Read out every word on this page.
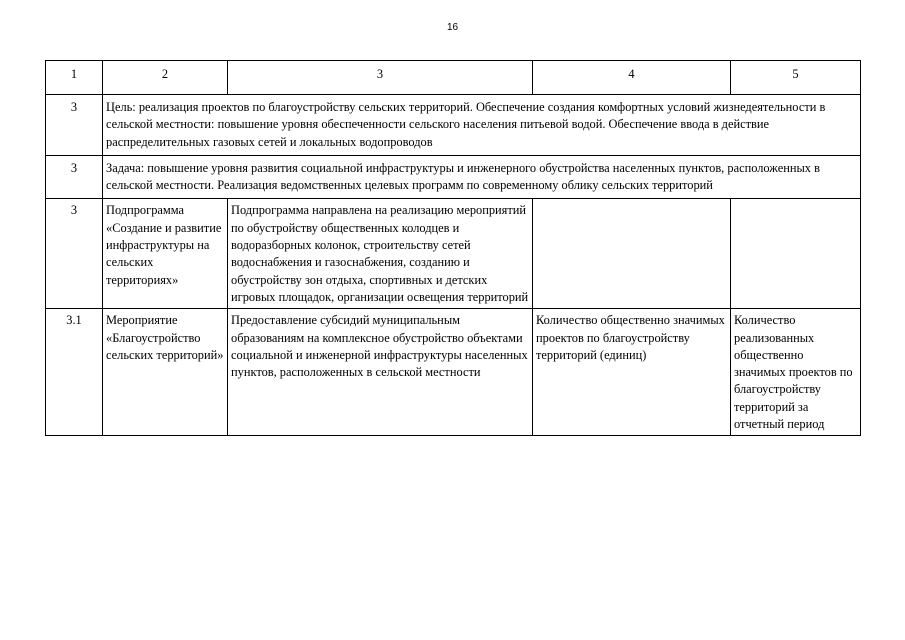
16
1	2	3	4	5
3	Цель: реализация проектов по благоустройству сельских территорий. Обеспечение создания комфортных условий жизнедеятельности в сельской местности: повышение уровня обеспеченности сельского населения питьевой водой. Обеспечение ввода в действие распределительных газовых сетей и локальных водопроводов			
3	Задача: повышение уровня развития социальной инфраструктуры и инженерного обустройства населенных пунктов, расположенных в сельской местности. Реализация ведомственных целевых программ по современному облику сельских территорий			
3	Подпрограмма «Создание и развитие инфраструктуры на сельских территориях»	Подпрограмма направлена на реализацию мероприятий по обустройству общественных колодцев и водоразборных колонок, строительству сетей водоснабжения и газоснабжения, созданию и обустройству зон отдыха, спортивных и детских игровых площадок, организации освещения территорий		
3.1	Мероприятие «Благоустройство сельских территорий»	Предоставление субсидий муниципальным образованиям на комплексное обустройство объектами социальной и инженерной инфраструктуры населенных пунктов, расположенных в сельской местности	Количество общественно значимых проектов по благоустройству территорий (единиц)	Количество реализованных общественно значимых проектов по благоустройству территорий за отчетный период
